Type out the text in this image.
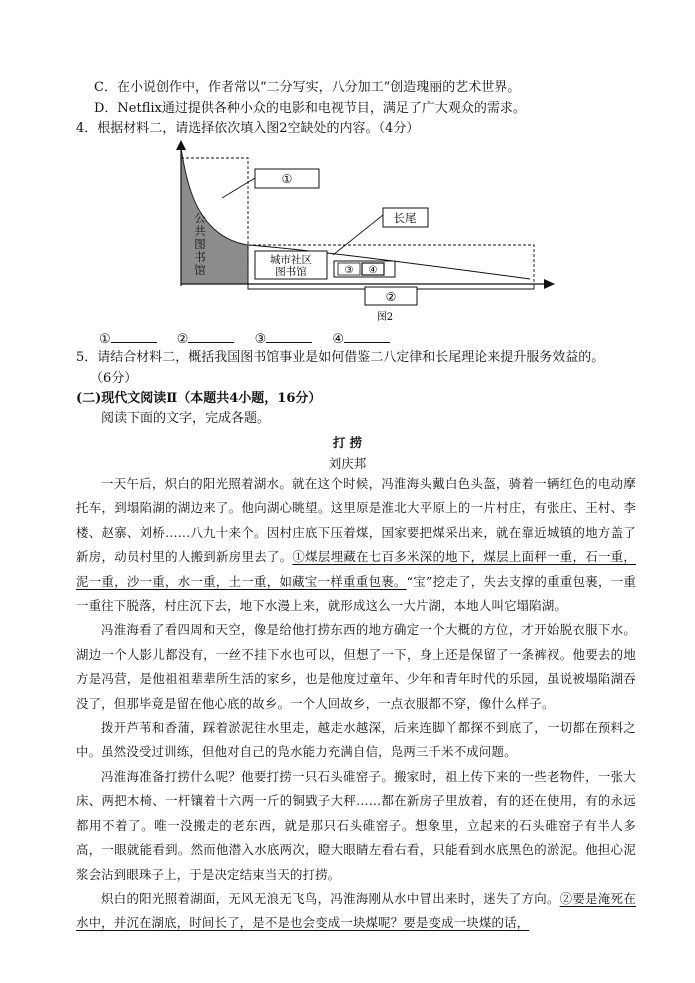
C．在小说创作中，作者常以“二分写实，八分加工”创造瑰丽的艺术世界。
D．Netflix通过提供各种小众的电影和电视节目，满足了广大观众的需求。
4．根据材料二，请选择依次填入图2空缺处的内容。（4分）
①
长尾
公
共
图
书
馆
城市社区
图书馆	③ ④
②
图2
①	②	③	④
5．请结合材料二，概括我国图书馆事业是如何借鉴二八定律和长尾理论来提升服务效益的。
（6分）
(二)现代文阅读Ⅱ（本题共4小题，16分）
阅读下面的文字，完成各题。
打 捞
刘庆邦

一天午后，炽白的阳光照着湖水。就在这个时候，冯淮海头戴白色头盔，骑着一辆红色的电动摩托车，到塌陷湖的湖边来了。他向湖心眺望。这里原是淮北大平原上的一片村庄，有张庄、王村、李楼、赵寨、刘桥……八九十来个。因村庄底下压着煤，国家要把煤采出来，就在靠近城镇的地方盖了新房，动员村里的人搬到新房里去了。①煤层埋藏在七百多米深的地下，煤层上面秤一重，石一重，泥一重，沙一重，水一重，土一重，如藏宝一样重重包裹。“宝”挖走了，失去支撑的重重包裹，一重一重往下脱落，村庄沉下去，地下水漫上来，就形成这么一大片湖，本地人叫它塌陷湖。

冯淮海看了看四周和天空，像是给他打捞东西的地方确定一个大概的方位，才开始脱衣服下水。湖边一个人影儿都没有，一丝不挂下水也可以，但想了一下，身上还是保留了一条裤衩。他要去的地方是冯营，是他祖祖辈辈所生活的家乡，也是他度过童年、少年和青年时代的乐园，虽说被塌陷湖吞没了，但那毕竟是留在他心底的故乡。一个人回故乡，一点衣服都不穿，像什么样子。

拨开芦苇和香蒲，踩着淤泥往水里走，越走水越深，后来连脚丫都探不到底了，一切都在预料之中。虽然没受过训练，但他对自己的凫水能力充满自信，凫两三千米不成问题。

冯淮海准备打捞什么呢？他要打捞一只石头碓窑子。搬家时，祖上传下来的一些老物件，一张大床、两把木椅、一杆镶着十六两一斤的铜戥子大秤……都在新房子里放着，有的还在使用，有的永远都用不着了。唯一没搬走的老东西，就是那只石头碓窑子。想象里，立起来的石头碓窑子有半人多高，一眼就能看到。然而他潜入水底两次，瞪大眼睛左看右看，只能看到水底黑色的淤泥。他担心泥浆会沾到眼珠子上，于是决定结束当天的打捞。

炽白的阳光照着湖面，无风无浪无飞鸟，冯淮海刚从水中冒出来时，迷失了方向。②要是淹死在水中，并沉在湖底，时间长了，是不是也会变成一块煤呢？要是变成一块煤的话，
